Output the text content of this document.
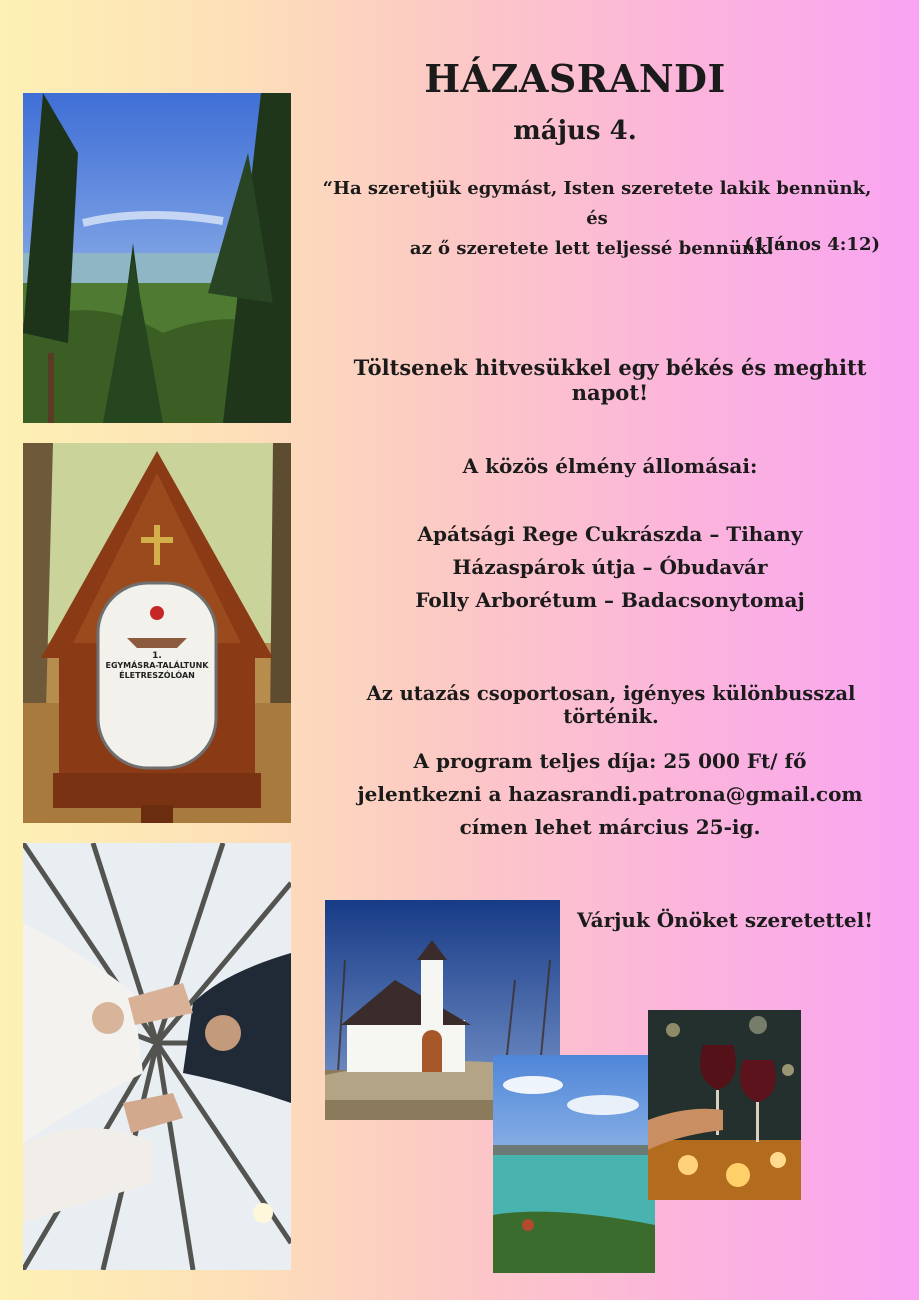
1.
EGYMÁSRA-TALÁLTUNK
ÉLETRESZÓLÓAN
HÁZASRANDI
május 4.
“Ha szeretjük egymást, Isten szeretete lakik bennünk, és
az ő szeretete lett teljessé bennünk.”
(1János 4:12)
Töltsenek hitvesükkel egy békés és meghitt napot!
A közös élmény állomásai:
Apátsági Rege Cukrászda – Tihany
Házaspárok útja – Óbudavár
Folly Arborétum – Badacsonytomaj
Az utazás csoportosan, igényes különbusszal történik.
A program teljes díja: 25 000 Ft/ fő
jelentkezni a hazasrandi.patrona@gmail.com
címen lehet március 25-ig.
Várjuk Önöket szeretettel!
